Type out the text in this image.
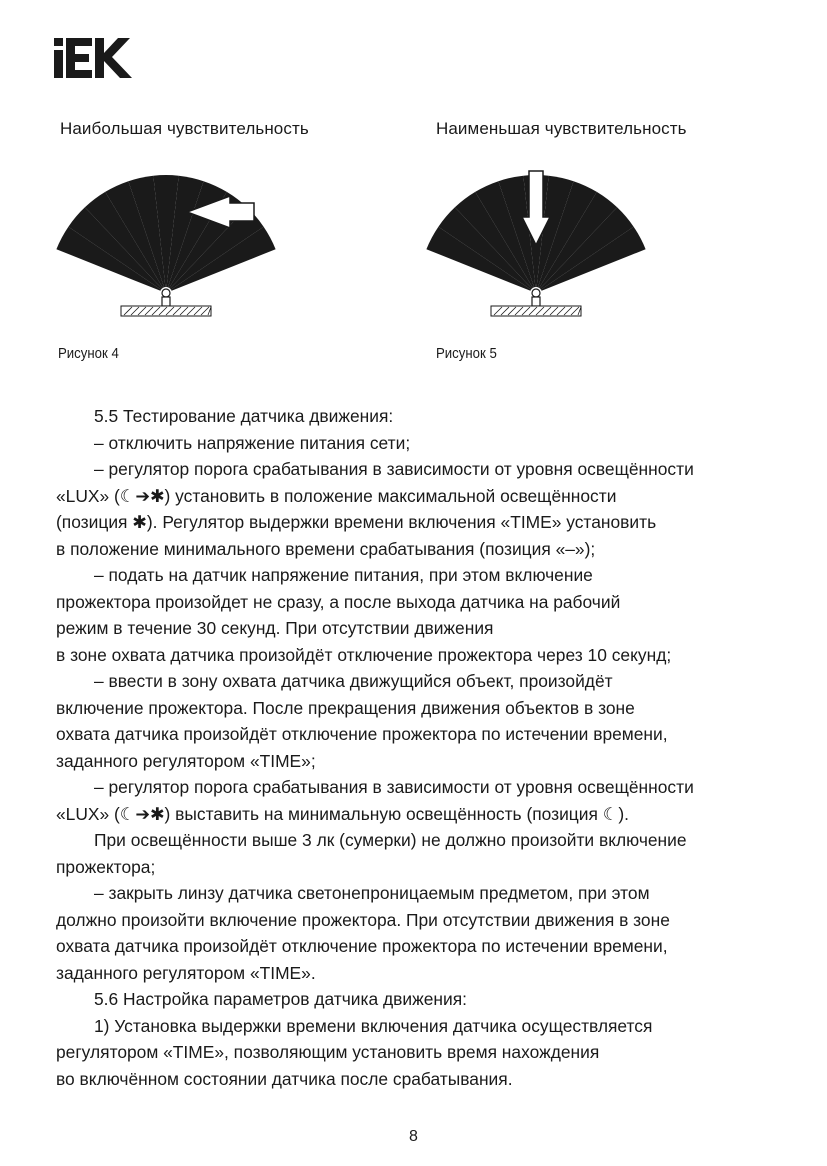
Наибольшая чувствительность	Наименьшая чувствительность
Рисунок 4	Рисунок 5
5.5 Тестирование датчика движения:
– отключить напряжение питания сети;
– регулятор порога срабатывания в зависимости от уровня освещённости
«LUX» (☾➔✱) установить в положение максимальной освещённости
(позиция ✱). Регулятор выдержки времени включения «TIME» установить
в положение минимального времени срабатывания (позиция «–»);
– подать на датчик напряжение питания, при этом включение
прожектора произойдет не сразу, а после выхода датчика на рабочий
режим в течение 30 секунд. При отсутствии движения
в зоне охвата датчика произойдёт отключение прожектора через 10 секунд;
– ввести в зону охвата датчика движущийся объект, произойдёт
включение прожектора. После прекращения движения объектов в зоне
охвата датчика произойдёт отключение прожектора по истечении времени,
заданного регулятором «TIME»;
– регулятор порога срабатывания в зависимости от уровня освещённости
«LUX» (☾➔✱) выставить на минимальную освещённость (позиция ☾).
При освещённости выше 3 лк (сумерки) не должно произойти включение
прожектора;
– закрыть линзу датчика светонепроницаемым предметом, при этом
должно произойти включение прожектора. При отсутствии движения в зоне
охвата датчика произойдёт отключение прожектора по истечении времени,
заданного регулятором «TIME».
5.6 Настройка параметров датчика движения:
1) Установка выдержки времени включения датчика осуществляется
регулятором «TIME», позволяющим установить время нахождения
во включённом состоянии датчика после срабатывания.
8
